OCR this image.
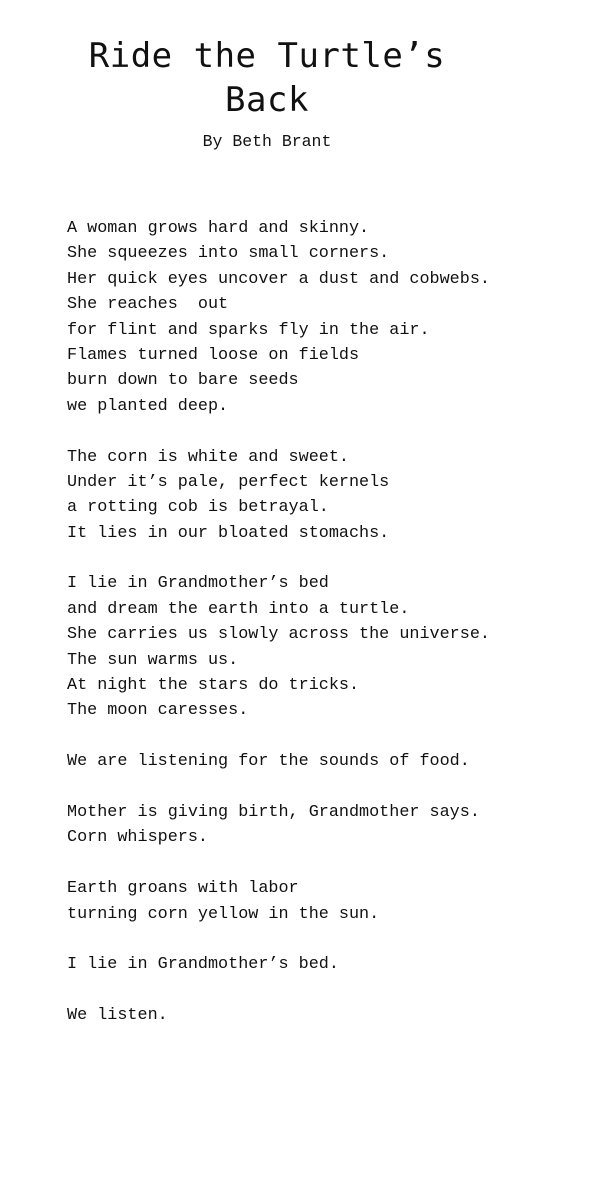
Ride the Turtle’s Back
By Beth Brant
A woman grows hard and skinny.
She squeezes into small corners.
Her quick eyes uncover a dust and cobwebs.
She reaches  out
for flint and sparks fly in the air.
Flames turned loose on fields
burn down to bare seeds
we planted deep.
The corn is white and sweet.
Under it’s pale, perfect kernels
a rotting cob is betrayal.
It lies in our bloated stomachs.
I lie in Grandmother’s bed
and dream the earth into a turtle.
She carries us slowly across the universe.
The sun warms us.
At night the stars do tricks.
The moon caresses.
We are listening for the sounds of food.
Mother is giving birth, Grandmother says.
Corn whispers.
Earth groans with labor
turning corn yellow in the sun.
I lie in Grandmother’s bed.
We listen.
